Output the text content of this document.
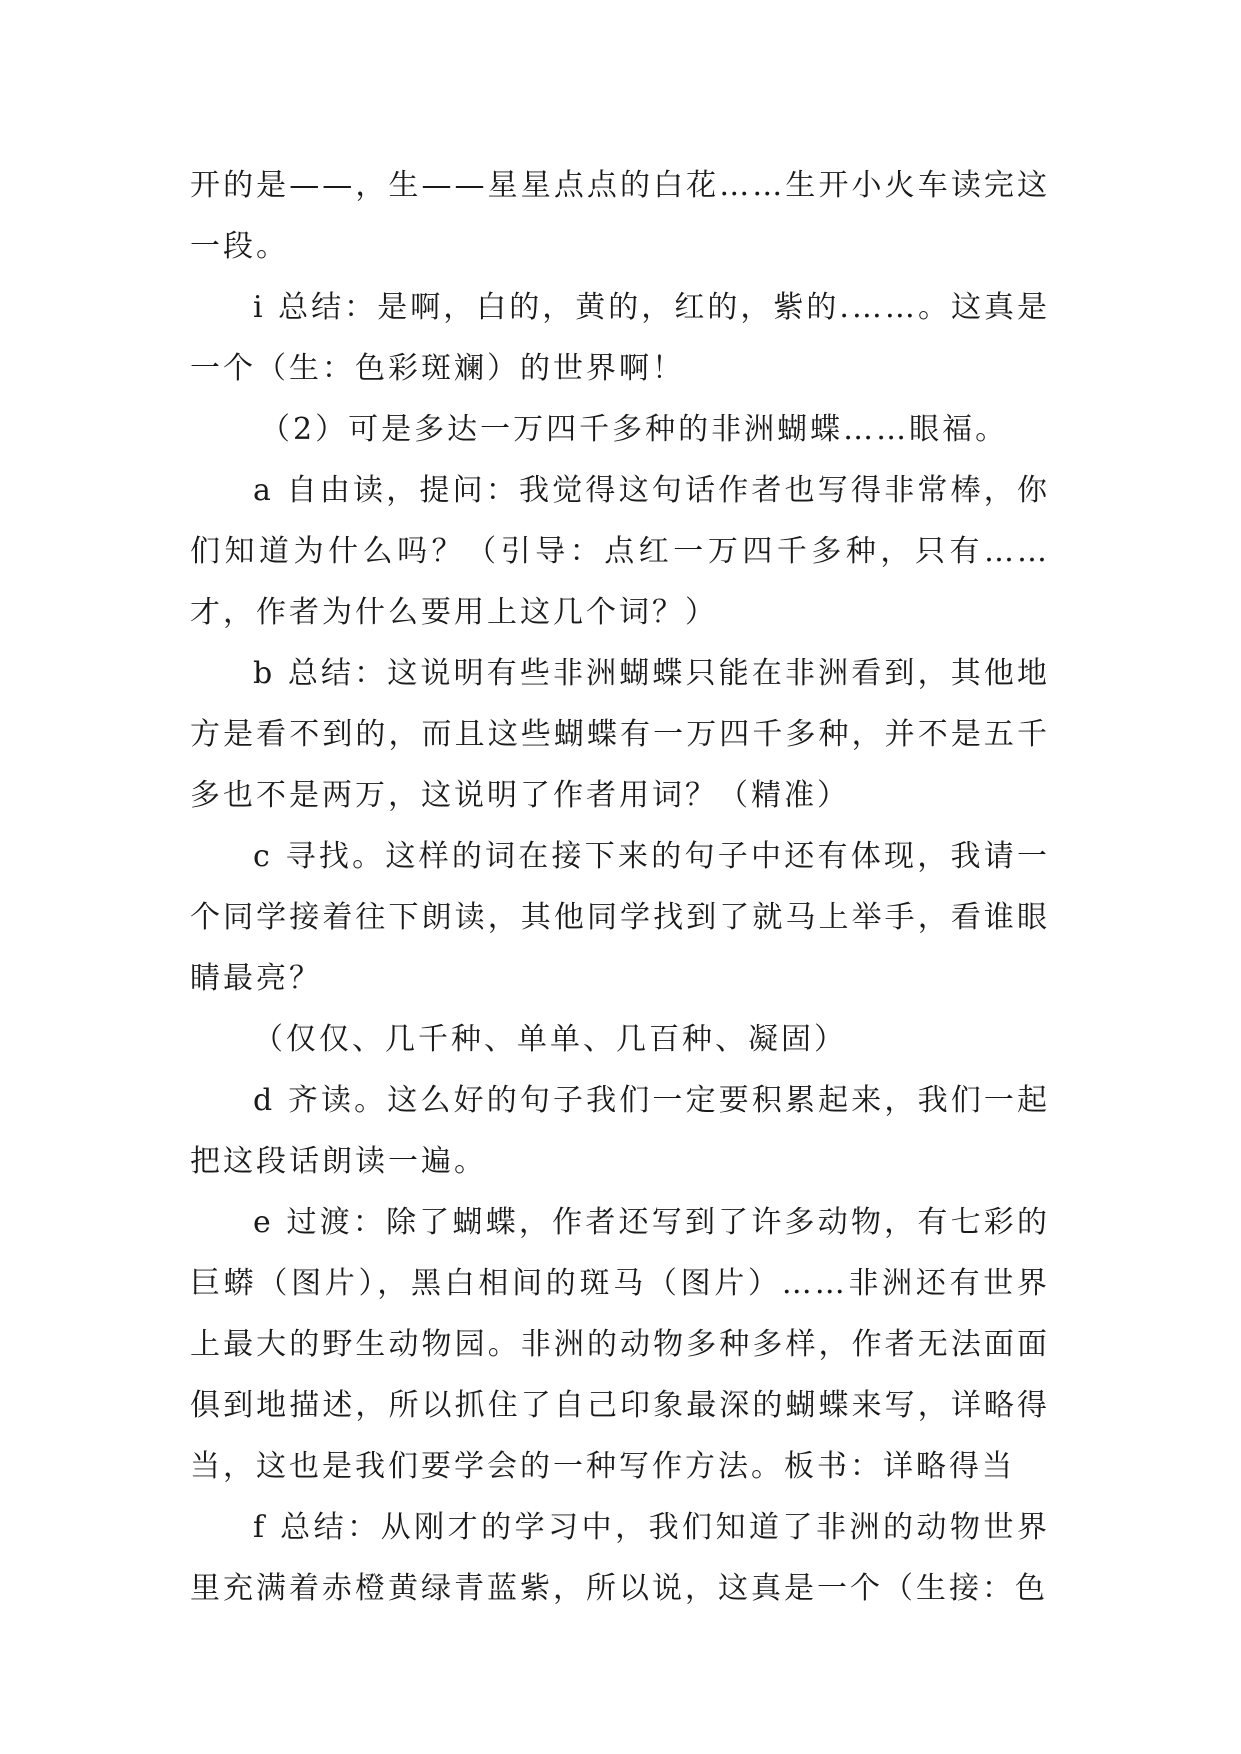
开的是——，生——星星点点的白花……生开小火车读完这一段。

i 总结：是啊，白的，黄的，红的，紫的.……。这真是一个（生：色彩斑斓）的世界啊！

（2）可是多达一万四千多种的非洲蝴蝶……眼福。

a 自由读，提问：我觉得这句话作者也写得非常棒，你们知道为什么吗？（引导：点红一万四千多种，只有……才，作者为什么要用上这几个词？）

b 总结：这说明有些非洲蝴蝶只能在非洲看到，其他地方是看不到的，而且这些蝴蝶有一万四千多种，并不是五千多也不是两万，这说明了作者用词？（精准）

c 寻找。这样的词在接下来的句子中还有体现，我请一个同学接着往下朗读，其他同学找到了就马上举手，看谁眼睛最亮？

（仅仅、几千种、单单、几百种、凝固）

d 齐读。这么好的句子我们一定要积累起来，我们一起把这段话朗读一遍。

e 过渡：除了蝴蝶，作者还写到了许多动物，有七彩的巨蟒（图片），黑白相间的斑马（图片）……非洲还有世界上最大的野生动物园。非洲的动物多种多样，作者无法面面俱到地描述，所以抓住了自己印象最深的蝴蝶来写，详略得当，这也是我们要学会的一种写作方法。板书：详略得当

f 总结：从刚才的学习中，我们知道了非洲的动物世界里充满着赤橙黄绿青蓝紫，所以说，这真是一个（生接：色
